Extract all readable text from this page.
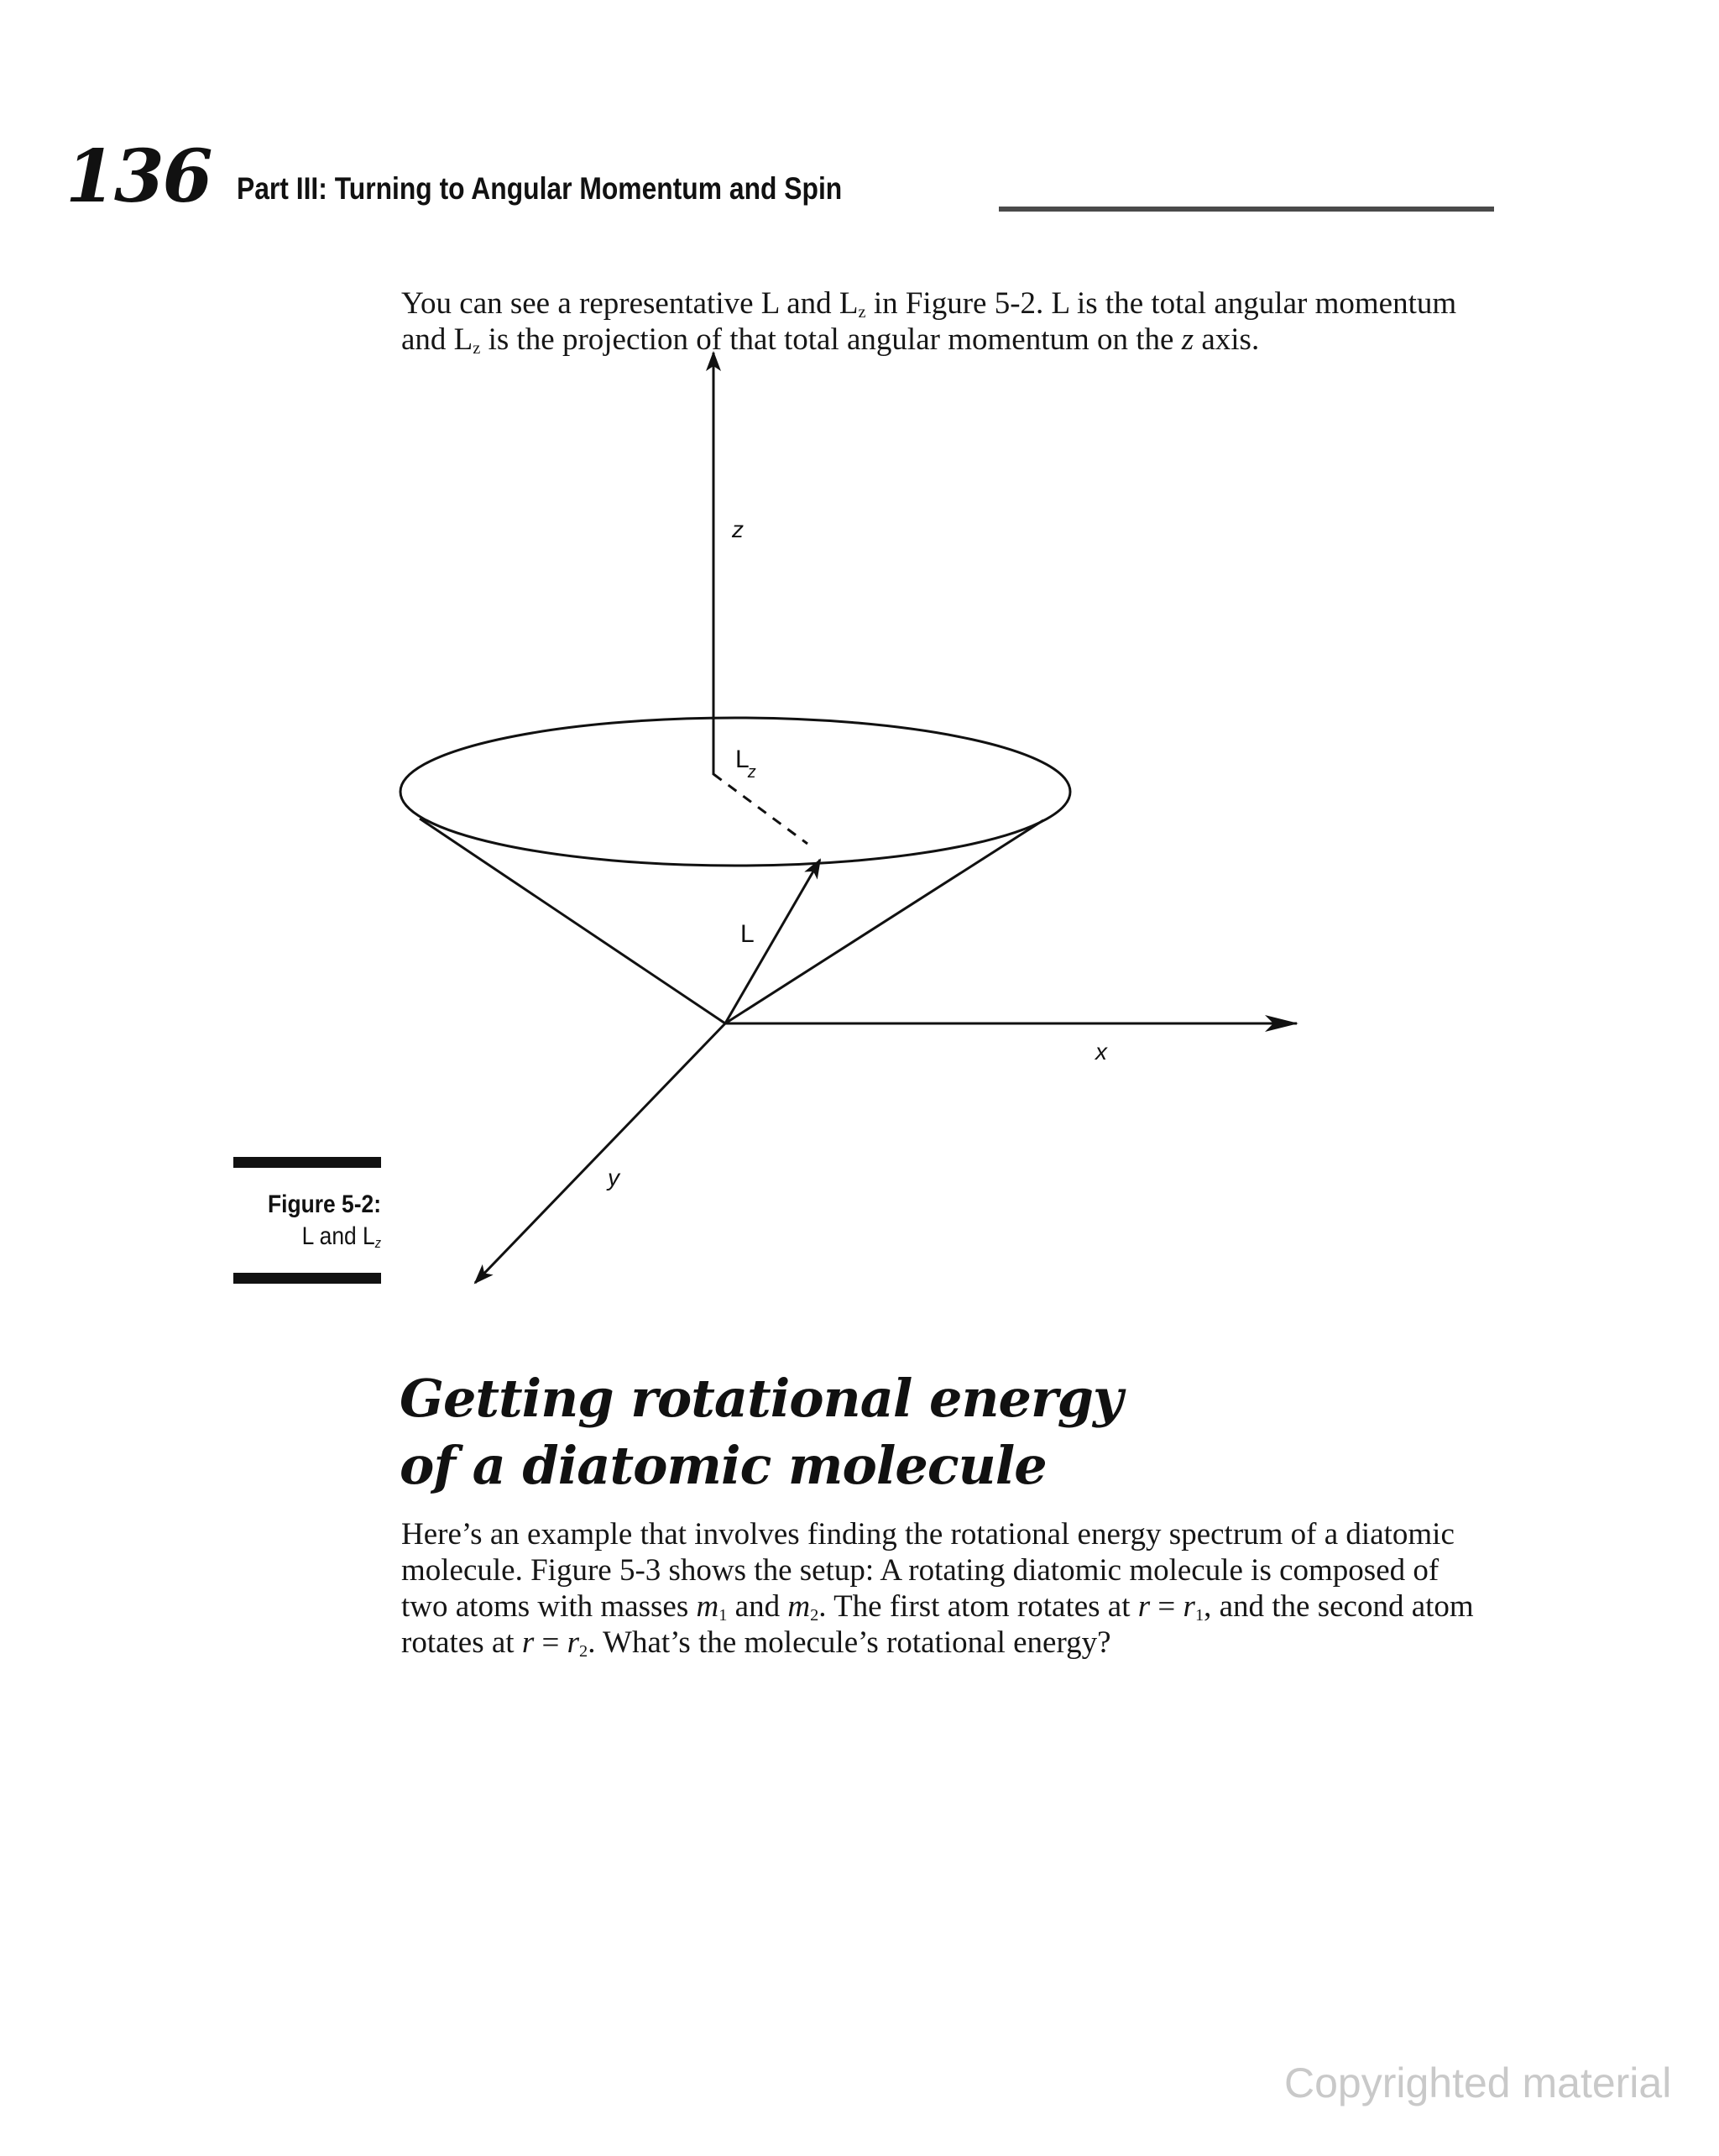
136 Part III: Turning to Angular Momentum and Spin

You can see a representative L and $L_z$ in Figure 5-2. L is the total angular momentum and $L_z$ is the projection of that total angular momentum on the z axis.

z
x
y
L
Lz
Figure 5-2:
L and $L_z$
Getting rotational energy
of a diatomic molecule

Here’s an example that involves finding the rotational energy spectrum of a diatomic molecule. Figure 5-3 shows the setup: A rotating diatomic molecule is composed of two atoms with masses $m_1$ and $m_2$. The first atom rotates at $r = r_1$, and the second atom rotates at $r = r_2$. What’s the molecule’s rotational energy?

Copyrighted material
